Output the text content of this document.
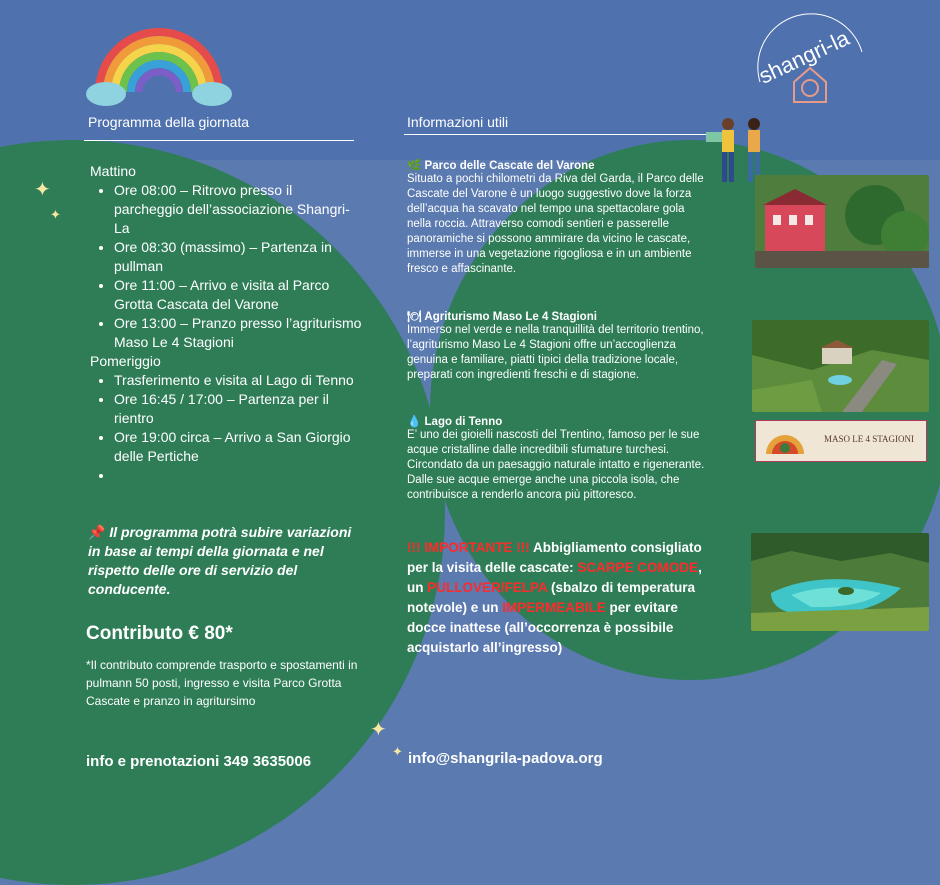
shangri-la
Programma della giornata	Informazioni utili
✦
✦
✦
✦
Mattino
• Ore 08:00 – Ritrovo presso il parcheggio dell’associazione Shangri-La
• Ore 08:30 (massimo) – Partenza in pullman
• Ore 11:00 – Arrivo e visita al Parco Grotta Cascata del Varone
• Ore 13:00 – Pranzo presso l’agriturismo Maso Le 4 Stagioni
Pomeriggio
• Trasferimento e visita al Lago di Tenno
• Ore 16:45 / 17:00 – Partenza per il rientro
• Ore 19:00 circa – Arrivo a San Giorgio delle Pertiche
•
📌 Il programma potrà subire variazioni in base ai tempi della giornata e nel rispetto delle ore di servizio del conducente.
Contributo € 80*
*Il contributo comprende trasporto e spostamenti in pulmann 50 posti, ingresso e visita Parco Grotta Cascate e pranzo in agritursimo
🌿 Parco delle Cascate del Varone

Situato a pochi chilometri da Riva del Garda, il Parco delle Cascate del Varone è un luogo suggestivo dove la forza dell’acqua ha scavato nel tempo una spettacolare gola nella roccia. Attraverso comodi sentieri e passerelle panoramiche si possono ammirare da vicino le cascate, immerse in una vegetazione rigogliosa e in un ambiente fresco e affascinante.

🍽 Agriturismo Maso Le 4 Stagioni

Immerso nel verde e nella tranquillità del territorio trentino, l’agriturismo Maso Le 4 Stagioni offre un’accoglienza genuina e familiare, piatti tipici della tradizione locale, preparati con ingredienti freschi e di stagione.

💧 Lago di Tenno

E’ uno dei gioielli nascosti del Trentino, famoso per le sue acque cristalline dalle incredibili sfumature turchesi. Circondato da un paesaggio naturale intatto e rigenerante. Dalle sue acque emerge anche una piccola isola, che contribuisce a renderlo ancora più pittoresco.

!!! IMPORTANTE !!! Abbigliamento consigliato per la visita delle cascate: SCARPE COMODE, un PULLOVER/FELPA (sbalzo di temperatura notevole) e un IMPERMEABILE per evitare docce inattese (all’occorrenza è possibile acquistarlo all’ingresso)
MASO LE 4 STAGIONI
info e prenotazioni 349 3635006	info@shangrila-padova.org
